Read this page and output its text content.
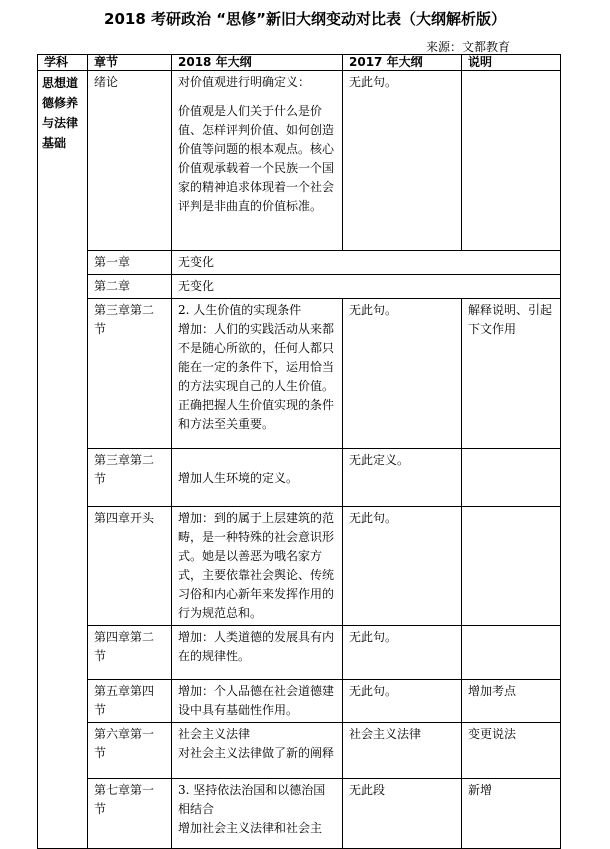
2018 考研政治 “思修”新旧大纲变动对比表（大纲解析版）
来源：文都教育
学科	章节	2018 年大纲	2017 年大纲	说明
思想道德修养与法律基础	绪论	对价值观进行明确定义：

价值观是人们关于什么是价值、怎样评判价值、如何创造价值等问题的根本观点。核心价值观承载着一个民族一个国家的精神追求体现着一个社会评判是非曲直的价值标准。	无此句。	
	第一章	无变化		
	第二章	无变化		
	第三章第二节	2. 人生价值的实现条件

增加：人们的实践活动从来都不是随心所欲的，任何人都只能在一定的条件下，运用恰当的方法实现自己的人生价值。正确把握人生价值实现的条件和方法至关重要。	无此句。	解释说明、引起下文作用
	第三章第二节	增加人生环境的定义。	无此定义。	
	第四章开头	增加：到的属于上层建筑的范畴，是一种特殊的社会意识形式。她是以善恶为哦名家方式，主要依靠社会舆论、传统习俗和内心新年来发挥作用的行为规范总和。	无此句。	
	第四章第二节	增加：人类道德的发展具有内在的规律性。	无此句。	
	第五章第四节	增加：个人品德在社会道德建设中具有基础性作用。	无此句。	增加考点
	第六章第一节	社会主义法律

对社会主义法律做了新的阐释	社会主义法律	变更说法
	第七章第一节	3. 坚持依法治国和以德治国相结合

增加社会主义法律和社会主	无此段	新增
